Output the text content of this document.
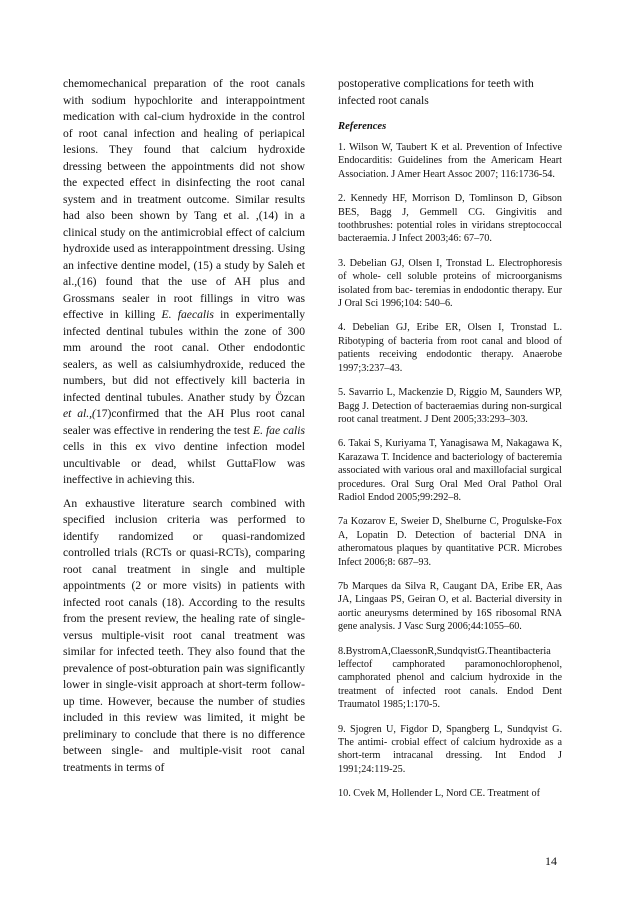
chemomechanical preparation of the root canals with sodium hypochlorite and interappointment medication with cal-cium hydroxide in the control of root canal infection and healing of periapical lesions. They found that calcium hydroxide dressing between the appointments did not show the expected effect in disinfecting the root canal system and in treatment outcome. Similar results had also been shown by Tang et al. ,(14) in a clinical study on the antimicrobial effect of calcium hydroxide used as interappointment dressing. Using an infective dentine model, (15) a study by Saleh et al.,(16) found that the use of AH plus and Grossmans sealer in root fillings in vitro was effective in killing E. faecalis in experimentally infected dentinal tubules within the zone of 300 mm around the root canal. Other endodontic sealers, as well as calsiumhydroxide, reduced the numbers, but did not effectively kill bacteria in infected dentinal tubules. Anather study by Özcan et al.,(17)confirmed that the AH Plus root canal sealer was effective in rendering the test E. fae calis cells in this ex vivo dentine infection model uncultivable or dead, whilst GuttaFlow was ineffective in achieving this.

An exhaustive literature search combined with specified inclusion criteria was performed to identify randomized or quasi-randomized controlled trials (RCTs or quasi-RCTs), comparing root canal treatment in single and multiple appointments (2 or more visits) in patients with infected root canals (18). According to the results from the present review, the healing rate of single- versus multiple-visit root canal treatment was similar for infected teeth. They also found that the prevalence of post-obturation pain was significantly lower in single-visit approach at short-term follow-up time. However, because the number of studies included in this review was limited, it might be preliminary to conclude that there is no difference between single- and multiple-visit root canal treatments in terms of

postoperative complications for teeth with infected root canals

References

1. Wilson W, Taubert K et al. Prevention of Infective Endocarditis: Guidelines from the Americam Heart Association. J Amer Heart Assoc 2007; 116:1736-54.

2. Kennedy HF, Morrison D, Tomlinson D, Gibson BES, Bagg J, Gemmell CG. Gingivitis and toothbrushes: potential roles in viridans streptococcal bacteraemia. J Infect 2003;46: 67–70.

3. Debelian GJ, Olsen I, Tronstad L. Electrophoresis of whole- cell soluble proteins of microorganisms isolated from bac- teremias in endodontic therapy. Eur J Oral Sci 1996;104: 540–6.

4. Debelian GJ, Eribe ER, Olsen I, Tronstad L. Ribotyping of bacteria from root canal and blood of patients receiving endodontic therapy. Anaerobe 1997;3:237–43.

5. Savarrio L, Mackenzie D, Riggio M, Saunders WP, Bagg J. Detection of bacteraemias during non-surgical root canal treatment. J Dent 2005;33:293–303.

6. Takai S, Kuriyama T, Yanagisawa M, Nakagawa K, Karazawa T. Incidence and bacteriology of bacteremia associated with various oral and maxillofacial surgical procedures. Oral Surg Oral Med Oral Pathol Oral Radiol Endod 2005;99:292–8.

7a Kozarov E, Sweier D, Shelburne C, Progulske-Fox A, Lopatin D. Detection of bacterial DNA in atheromatous plaques by quantitative PCR. Microbes Infect 2006;8: 687–93.

7b Marques da Silva R, Caugant DA, Eribe ER, Aas JA, Lingaas PS, Geiran O, et al. Bacterial diversity in aortic aneurysms determined by 16S ribosomal RNA gene analysis. J Vasc Surg 2006;44:1055–60.

8.BystromA,ClaessonR,SundqvistG.Theantibacteria leffectof camphorated paramonochlorophenol, camphorated phenol and calcium hydroxide in the treatment of infected root canals. Endod Dent Traumatol 1985;1:170-5.

9. Sjogren U, Figdor D, Spangberg L, Sundqvist G. The antimi- crobial effect of calcium hydroxide as a short-term intracanal dressing. Int Endod J 1991;24:119-25.

10. Cvek M, Hollender L, Nord CE. Treatment of

14
